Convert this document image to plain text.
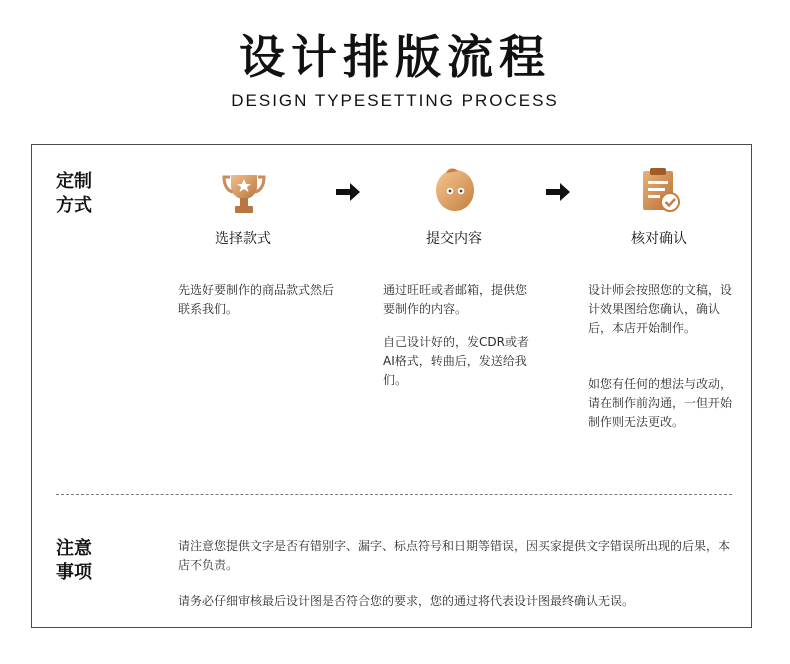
设计排版流程
DESIGN TYPESETTING PROCESS
定制方式
注意事项
选择款式	提交内容	核对确认
先选好要制作的商品款式然后联系我们。
通过旺旺或者邮箱，提供您要制作的内容。
自己设计好的，发CDR或者AI格式，转曲后，发送给我们。
设计师会按照您的文稿，设计效果图给您确认，确认后，本店开始制作。
如您有任何的想法与改动，请在制作前沟通，一但开始制作则无法更改。
请注意您提供文字是否有错别字、漏字、标点符号和日期等错误，因买家提供文字错误所出现的后果，本店不负责。
请务必仔细审核最后设计图是否符合您的要求，您的通过将代表设计图最终确认无误。
